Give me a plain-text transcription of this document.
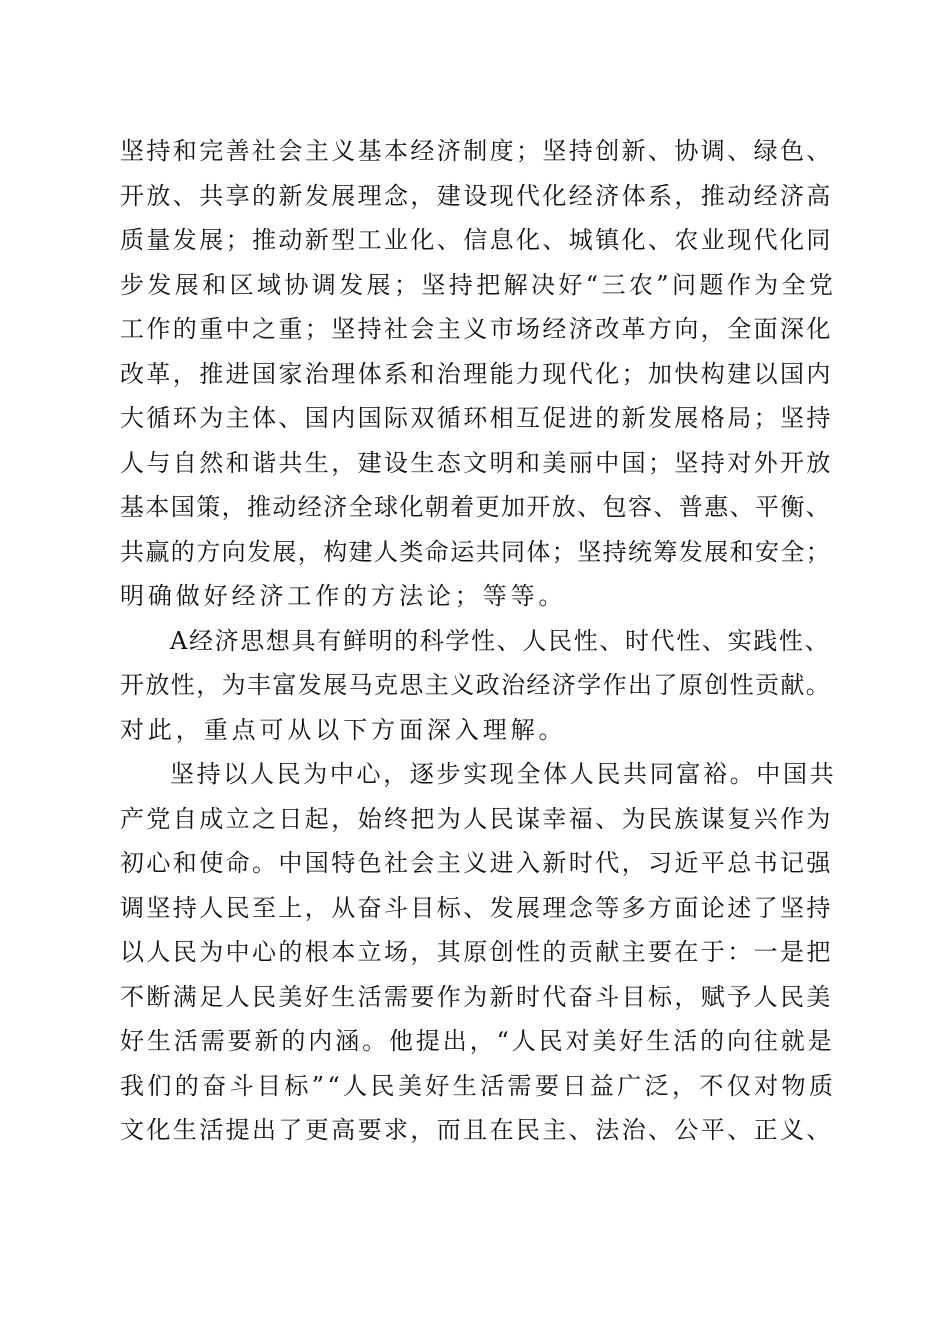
坚持和完善社会主义基本经济制度；坚持创新、协调、绿色、
开放、共享的新发展理念，建设现代化经济体系，推动经济高
质量发展；推动新型工业化、信息化、城镇化、农业现代化同
步发展和区域协调发展；坚持把解决好“三农”问题作为全党
工作的重中之重；坚持社会主义市场经济改革方向，全面深化
改革，推进国家治理体系和治理能力现代化；加快构建以国内
大循环为主体、国内国际双循环相互促进的新发展格局；坚持
人与自然和谐共生，建设生态文明和美丽中国；坚持对外开放
基本国策，推动经济全球化朝着更加开放、包容、普惠、平衡、
共赢的方向发展，构建人类命运共同体；坚持统筹发展和安全；
明确做好经济工作的方法论；等等。
A经济思想具有鲜明的科学性、人民性、时代性、实践性、
开放性，为丰富发展马克思主义政治经济学作出了原创性贡献。
对此，重点可从以下方面深入理解。
坚持以人民为中心，逐步实现全体人民共同富裕。中国共
产党自成立之日起，始终把为人民谋幸福、为民族谋复兴作为
初心和使命。中国特色社会主义进入新时代，习近平总书记强
调坚持人民至上，从奋斗目标、发展理念等多方面论述了坚持
以人民为中心的根本立场，其原创性的贡献主要在于：一是把
不断满足人民美好生活需要作为新时代奋斗目标，赋予人民美
好生活需要新的内涵。他提出，“人民对美好生活的向往就是
我们的奋斗目标”“人民美好生活需要日益广泛，不仅对物质
文化生活提出了更高要求，而且在民主、法治、公平、正义、
